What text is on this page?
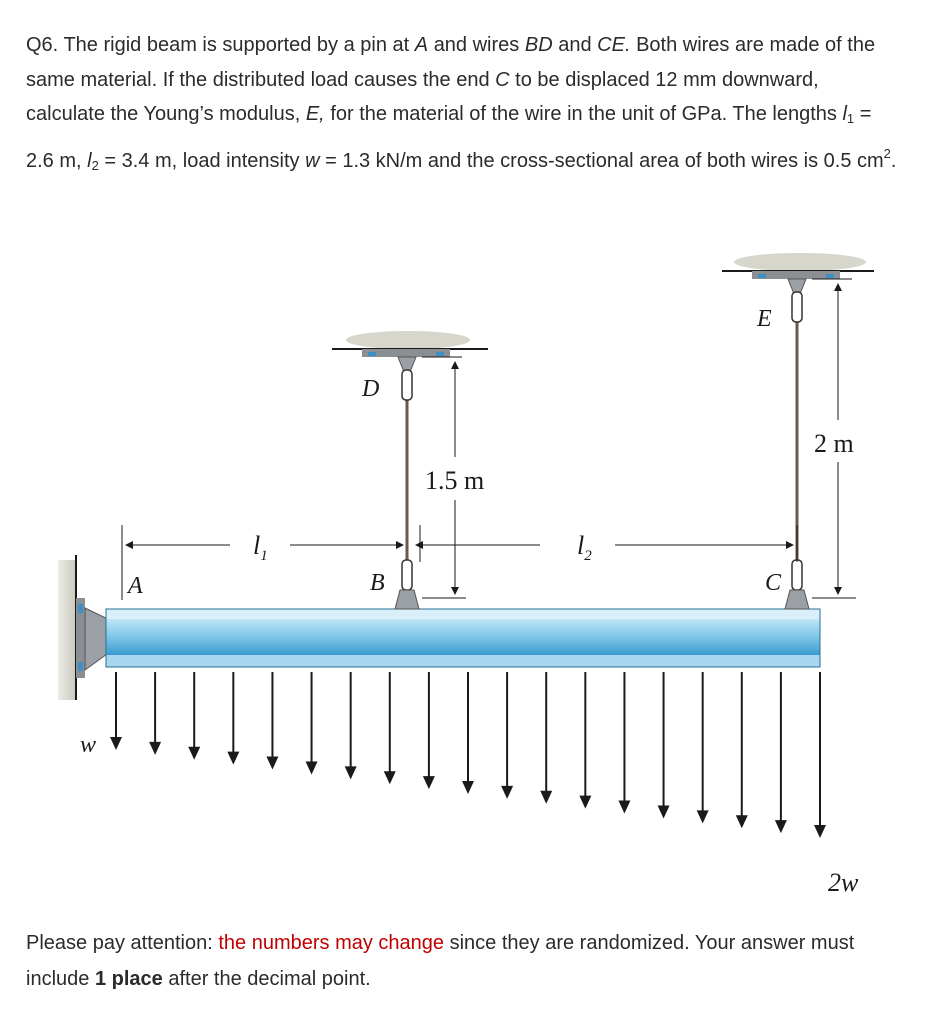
Q6. The rigid beam is supported by a pin at A and wires BD and CE. Both wires are made of the same material. If the distributed load causes the end C to be displaced 12 mm downward, calculate the Young’s modulus, E, for the material of the wire in the unit of GPa. The lengths $l_1 = 2.6$ m, $l_2 = 3.4$ m, load intensity w = 1.3 kN/m and the cross-sectional area of both wires is 0.5 $cm^2$.

D
E
B	C
A
1.5 m
2 m
$l_1$	$l_2$
w
2w
Please pay attention: the numbers may change since they are randomized. Your answer must include 1 place after the decimal point.
